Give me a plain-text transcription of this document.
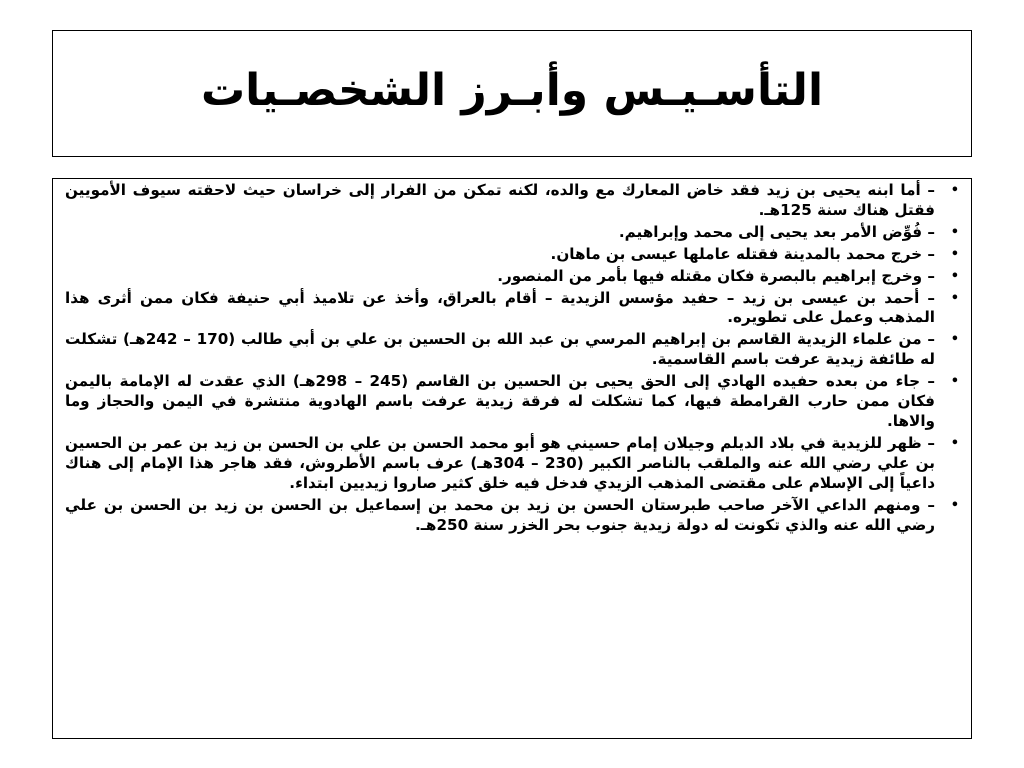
التأسـيـس وأبـرز الشخصـيات
•
– أما ابنه يحيى بن زيد فقد خاض المعارك مع والده، لكنه تمكن من الفرار إلى خراسان حيث لاحقته سيوف الأمويين فقتل هناك سنة 125هـ.
•
– فُوِّض الأمر بعد يحيى إلى محمد وإبراهيم.
•
– خرج محمد بالمدينة فقتله عاملها عيسى بن ماهان.
•
– وخرج إبراهيم بالبصرة فكان مقتله فيها بأمر من المنصور.
•
– أحمد بن عيسى بن زيد – حفيد مؤسس الزيدية – أقام بالعراق، وأخذ عن تلاميذ أبي حنيفة فكان ممن أثرى هذا المذهب وعمل على تطويره.
•
– من علماء الزيدية القاسم بن إبراهيم المرسي بن عبد الله بن الحسين بن علي بن أبي طالب (170 – 242هـ) تشكلت له طائفة زيدية عرفت باسم القاسمية.
•
– جاء من بعده حفيده الهادي إلى الحق يحيى بن الحسين بن القاسم (245 – 298هـ) الذي عقدت له الإمامة باليمن فكان ممن حارب القرامطة فيها، كما تشكلت له فرقة زيدية عرفت باسم الهادوية منتشرة في اليمن والحجاز وما والاها.
•
– ظهر للزيدية في بلاد الديلم وجيلان إمام حسيني هو أبو محمد الحسن بن علي بن الحسن بن زيد بن عمر بن الحسين بن علي رضي الله عنه والملقب بالناصر الكبير (230 – 304هـ) عرف باسم الأطروش، فقد هاجر هذا الإمام إلى هناك داعياً إلى الإسلام على مقتضى المذهب الزيدي فدخل فيه خلق كثير صاروا زيديين ابتداء.
•
– ومنهم الداعي الآخر صاحب طبرستان الحسن بن زيد بن محمد بن إسماعيل بن الحسن بن زيد بن الحسن بن علي رضي الله عنه والذي تكونت له دولة زيدية جنوب بحر الخزر سنة 250هـ.
